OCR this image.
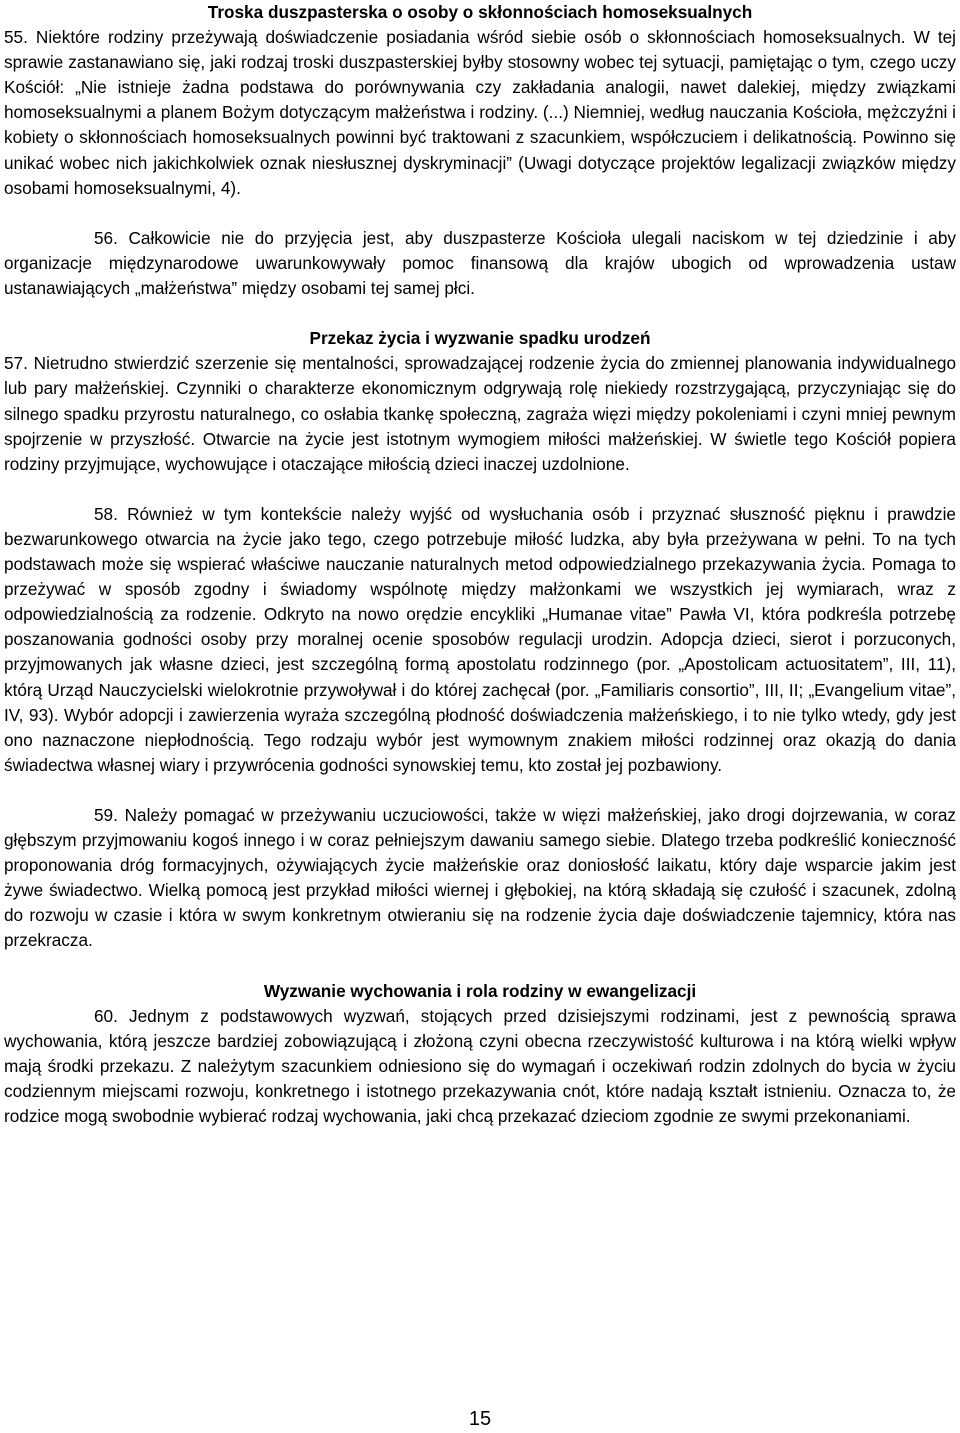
Troska duszpasterska o osoby o skłonnościach homoseksualnych

55. Niektóre rodziny przeżywają doświadczenie posiadania wśród siebie osób o skłonnościach homoseksualnych. W tej sprawie zastanawiano się, jaki rodzaj troski duszpasterskiej byłby stosowny wobec tej sytuacji, pamiętając o tym, czego uczy Kościół: „Nie istnieje żadna podstawa do porównywania czy zakładania analogii, nawet dalekiej, między związkami homoseksualnymi a planem Bożym dotyczącym małżeństwa i rodziny. (...) Niemniej, według nauczania Kościoła, mężczyźni i kobiety o skłonnościach homoseksualnych powinni być traktowani z szacunkiem, współczuciem i delikatnością. Powinno się unikać wobec nich jakichkolwiek oznak niesłusznej dyskryminacji” (Uwagi dotyczące projektów legalizacji związków między osobami homoseksualnymi, 4).

56. Całkowicie nie do przyjęcia jest, aby duszpasterze Kościoła ulegali naciskom w tej dziedzinie i aby organizacje międzynarodowe uwarunkowywały pomoc finansową dla krajów ubogich od wprowadzenia ustaw ustanawiających „małżeństwa” między osobami tej samej płci.

Przekaz życia i wyzwanie spadku urodzeń

57. Nietrudno stwierdzić szerzenie się mentalności, sprowadzającej rodzenie życia do zmiennej planowania indywidualnego lub pary małżeńskiej. Czynniki o charakterze ekonomicznym odgrywają rolę niekiedy rozstrzygającą, przyczyniając się do silnego spadku przyrostu naturalnego, co osłabia tkankę społeczną, zagraża więzi między pokoleniami i czyni mniej pewnym spojrzenie w przyszłość. Otwarcie na życie jest istotnym wymogiem miłości małżeńskiej. W świetle tego Kościół popiera rodziny przyjmujące, wychowujące i otaczające miłością dzieci inaczej uzdolnione.

58. Również w tym kontekście należy wyjść od wysłuchania osób i przyznać słuszność pięknu i prawdzie bezwarunkowego otwarcia na życie jako tego, czego potrzebuje miłość ludzka, aby była przeżywana w pełni. To na tych podstawach może się wspierać właściwe nauczanie naturalnych metod odpowiedzialnego przekazywania życia. Pomaga to przeżywać w sposób zgodny i świadomy wspólnotę między małżonkami we wszystkich jej wymiarach, wraz z odpowiedzialnością za rodzenie. Odkryto na nowo orędzie encykliki „Humanae vitae” Pawła VI, która podkreśla potrzebę poszanowania godności osoby przy moralnej ocenie sposobów regulacji urodzin. Adopcja dzieci, sierot i porzuconych, przyjmowanych jak własne dzieci, jest szczególną formą apostolatu rodzinnego (por. „Apostolicam actuositatem”, III, 11), którą Urząd Nauczycielski wielokrotnie przywoływał i do której zachęcał (por. „Familiaris consortio”, III, II; „Evangelium vitae”, IV, 93). Wybór adopcji i zawierzenia wyraża szczególną płodność doświadczenia małżeńskiego, i to nie tylko wtedy, gdy jest ono naznaczone niepłodnością. Tego rodzaju wybór jest wymownym znakiem miłości rodzinnej oraz okazją do dania świadectwa własnej wiary i przywrócenia godności synowskiej temu, kto został jej pozbawiony.

59. Należy pomagać w przeżywaniu uczuciowości, także w więzi małżeńskiej, jako drogi dojrzewania, w coraz głębszym przyjmowaniu kogoś innego i w coraz pełniejszym dawaniu samego siebie. Dlatego trzeba podkreślić konieczność proponowania dróg formacyjnych, ożywiających życie małżeńskie oraz doniosłość laikatu, który daje wsparcie jakim jest żywe świadectwo. Wielką pomocą jest przykład miłości wiernej i głębokiej, na którą składają się czułość i szacunek, zdolną do rozwoju w czasie i która w swym konkretnym otwieraniu się na rodzenie życia daje doświadczenie tajemnicy, która nas przekracza.

Wyzwanie wychowania i rola rodziny w ewangelizacji

60. Jednym z podstawowych wyzwań, stojących przed dzisiejszymi rodzinami, jest z pewnością sprawa wychowania, którą jeszcze bardziej zobowiązującą i złożoną czyni obecna rzeczywistość kulturowa i na którą wielki wpływ mają środki przekazu. Z należytym szacunkiem odniesiono się do wymagań i oczekiwań rodzin zdolnych do bycia w życiu codziennym miejscami rozwoju, konkretnego i istotnego przekazywania cnót, które nadają kształt istnieniu. Oznacza to, że rodzice mogą swobodnie wybierać rodzaj wychowania, jaki chcą przekazać dzieciom zgodnie ze swymi przekonaniami.

15
